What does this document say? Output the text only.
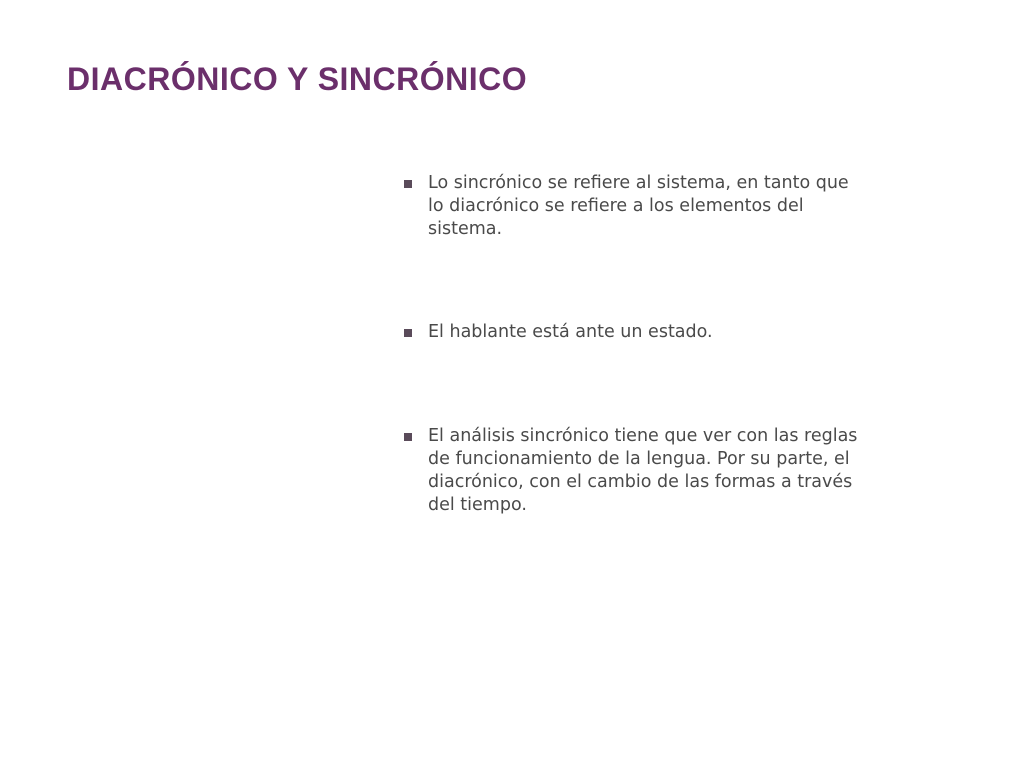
DIACRÓNICO Y SINCRÓNICO
Lo sincrónico se refiere al sistema, en tanto que lo diacrónico se refiere a los elementos del sistema.
El hablante está ante un estado.
El análisis sincrónico tiene que ver con las reglas de funcionamiento de la lengua. Por su parte, el diacrónico, con el cambio de las formas a través del tiempo.
